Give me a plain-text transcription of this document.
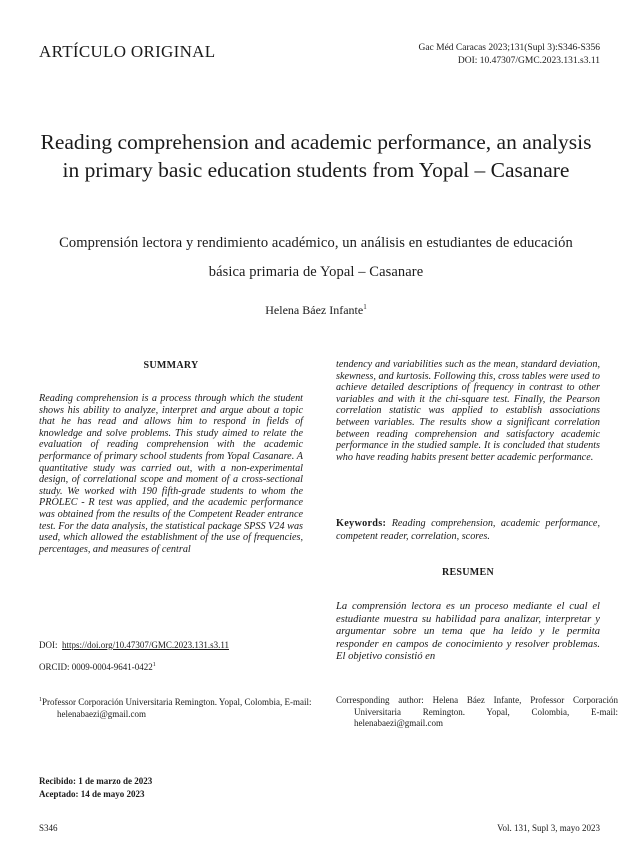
ARTÍCULO ORIGINAL	Gac Méd Caracas 2023;131(Supl 3):S346-S356
DOI: 10.47307/GMC.2023.131.s3.11
Reading comprehension and academic performance, an analysis in primary basic education students from Yopal – Casanare
Comprensión lectora y rendimiento académico, un análisis en estudiantes de educación básica primaria de Yopal – Casanare
Helena Báez Infante$^1$
SUMMARY
Reading comprehension is a process through which the student shows his ability to analyze, interpret and argue about a topic that he has read and allows him to respond in fields of knowledge and solve problems. This study aimed to relate the evaluation of reading comprehension with the academic performance of primary school students from Yopal Casanare. A quantitative study was carried out, with a non-experimental design, of correlational scope and moment of a cross-sectional study. We worked with 190 fifth-grade students to whom the PROLEC - R test was applied, and the academic performance was obtained from the results of the Competent Reader entrance test. For the data analysis, the statistical package SPSS V24 was used, which allowed the establishment of the use of frequencies, percentages, and measures of central
tendency and variabilities such as the mean, standard deviation, skewness, and kurtosis. Following this, cross tables were used to achieve detailed descriptions of frequency in contrast to other variables and with it the chi-square test. Finally, the Pearson correlation statistic was applied to establish associations between variables. The results show a significant correlation between reading comprehension and satisfactory academic performance in the studied sample. It is concluded that students who have reading habits present better academic performance.
Keywords: Reading comprehension, academic performance, competent reader, correlation, scores.
RESUMEN
La comprensión lectora es un proceso mediante el cual el estudiante muestra su habilidad para analizar, interpretar y argumentar sobre un tema que ha leído y le permita responder en campos de conocimiento y resolver problemas. El objetivo consistió en
DOI: https://doi.org/10.47307/GMC.2023.131.s3.11
ORCID: 0009-0004-9641-0422$^1$
$^1$Professor Corporación Universitaria Remington. Yopal, Colombia, E-mail: helenabaezi@gmail.com
Corresponding author: Helena Báez Infante, Professor Corporación Universitaria Remington. Yopal, Colombia, E-mail: helenabaezi@gmail.com
Recibido: 1 de marzo de 2023
Aceptado: 14 de mayo 2023
S346	Vol. 131, Supl 3, mayo 2023
